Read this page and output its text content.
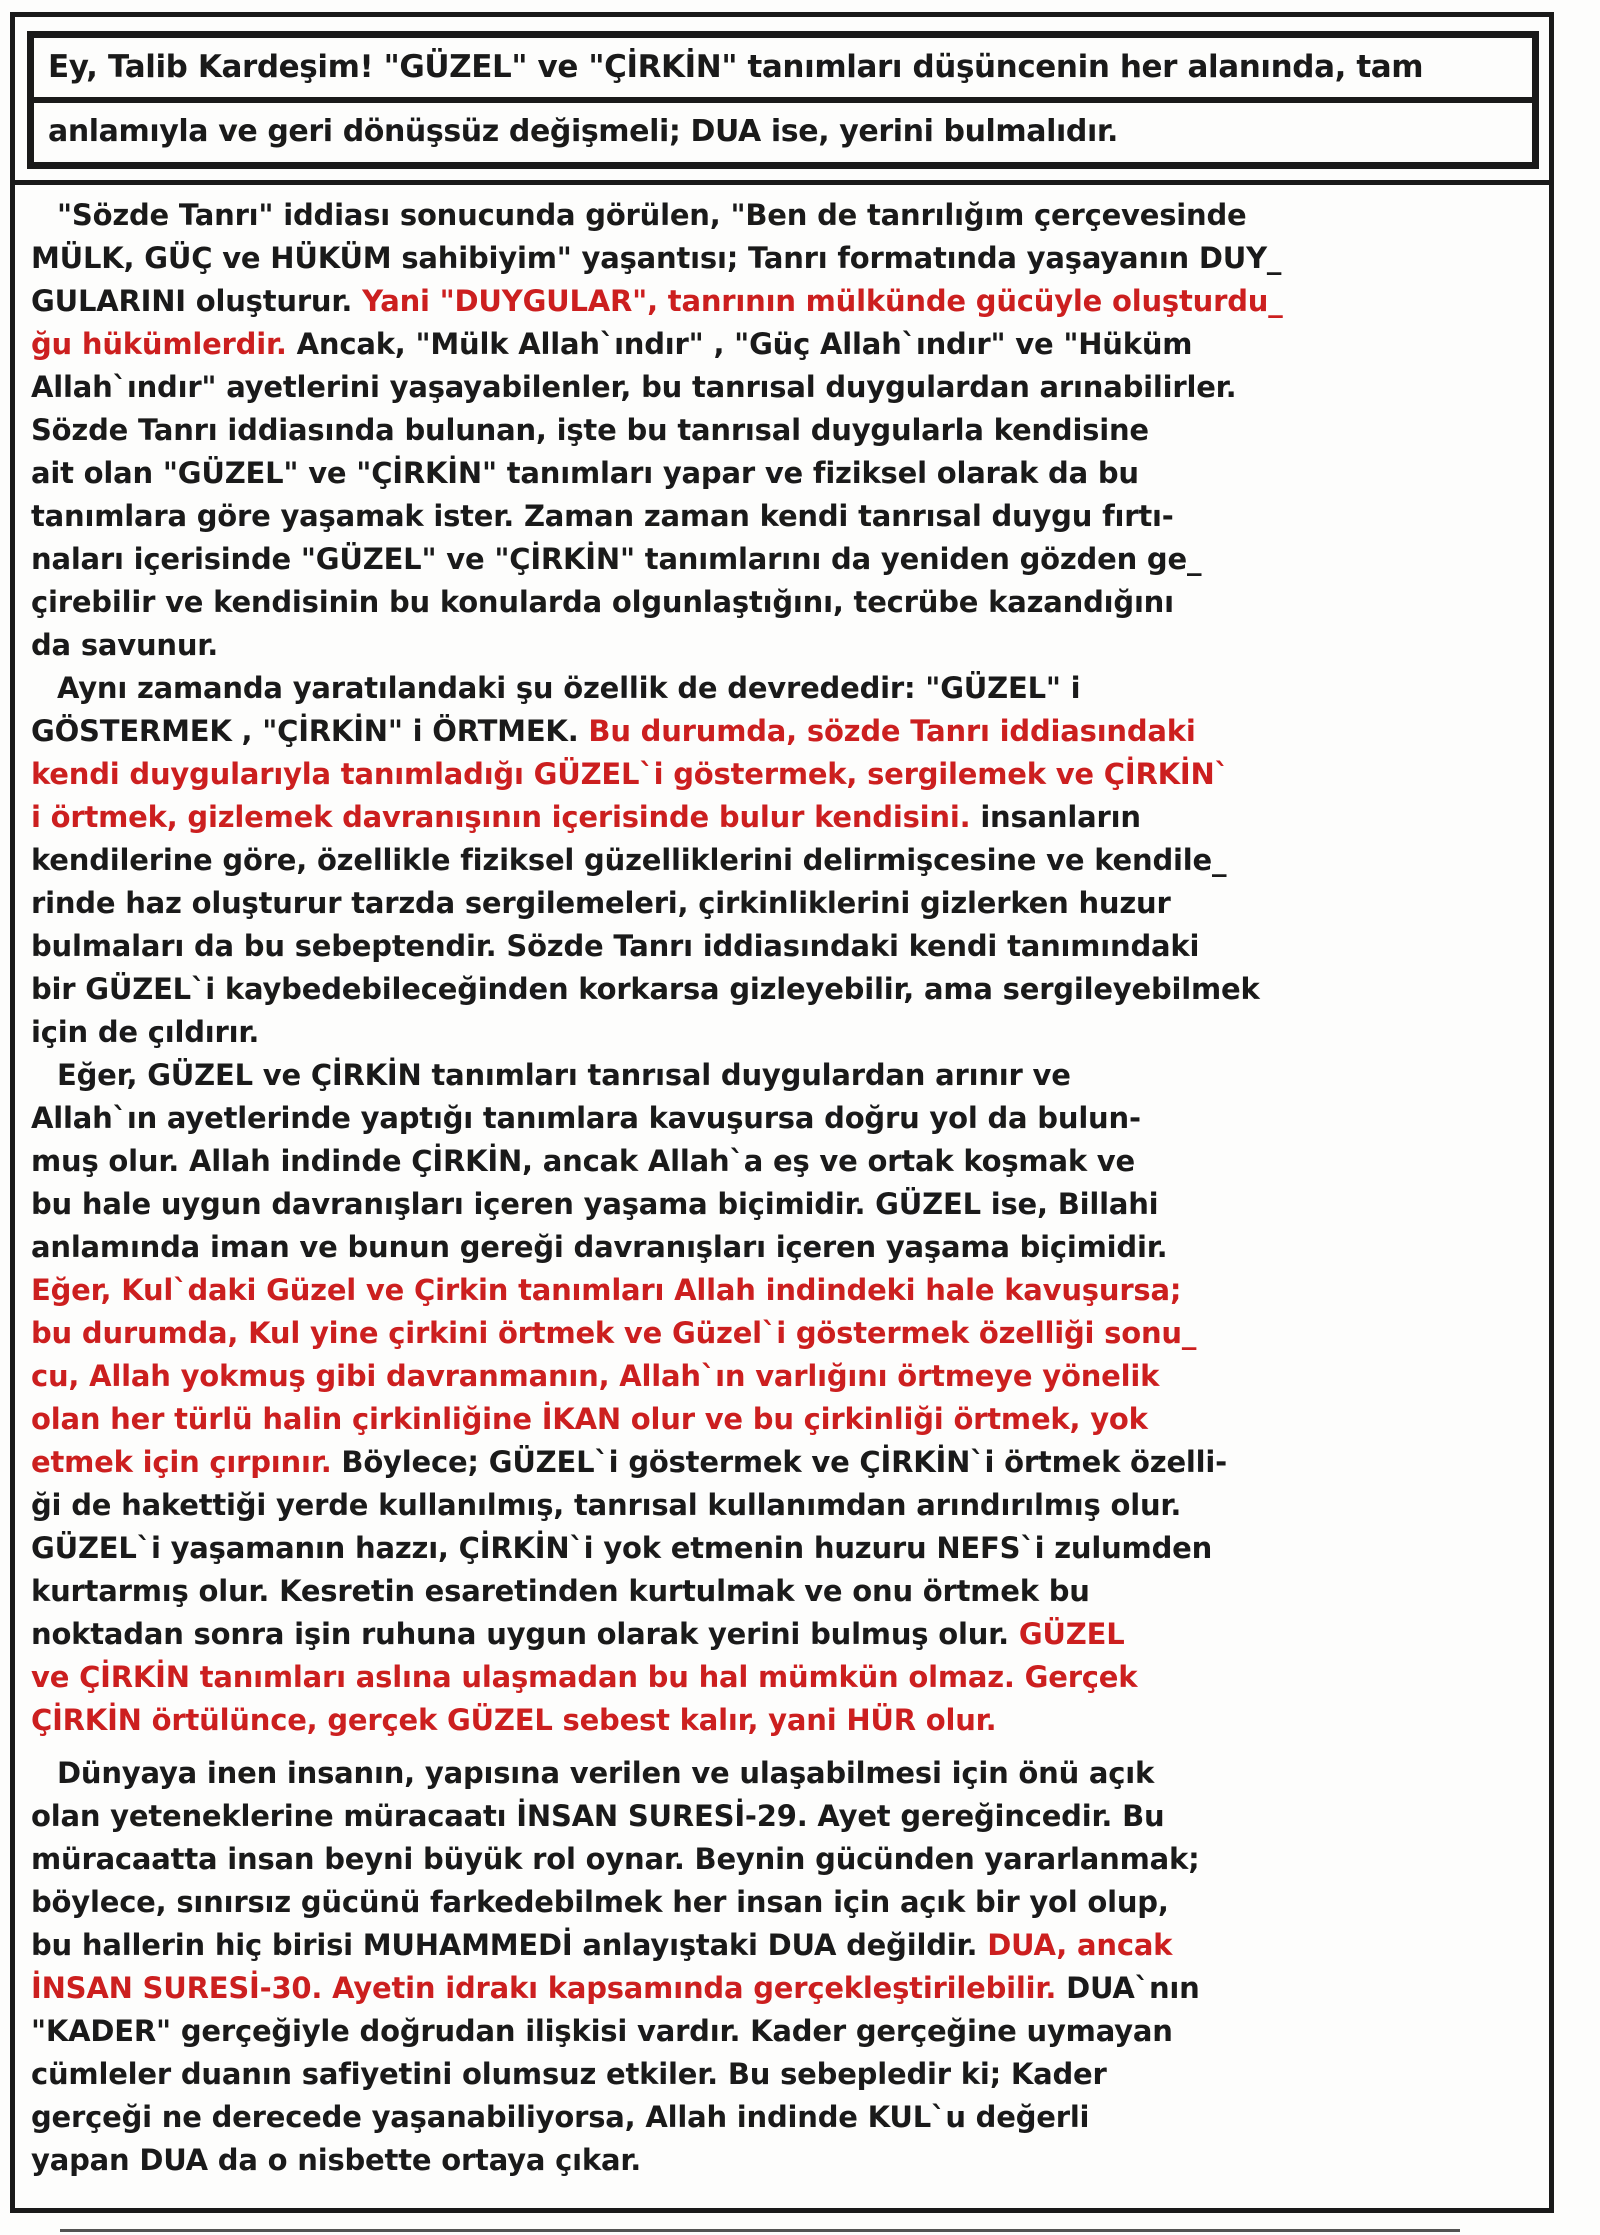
Ey, Talib Kardeşim! "GÜZEL" ve "ÇİRKİN" tanımları düşüncenin her alanında, tam
anlamıyla ve geri dönüşsüz değişmeli; DUA ise, yerini bulmalıdır.
"Sözde Tanrı" iddiası sonucunda görülen, "Ben de tanrılığım çerçevesinde
MÜLK, GÜÇ ve HÜKÜM sahibiyim" yaşantısı; Tanrı formatında yaşayanın DUY_
GULARINI oluşturur. Yani "DUYGULAR", tanrının mülkünde gücüyle oluşturdu_
ğu hükümlerdir. Ancak, "Mülk Allah`ındır" , "Güç Allah`ındır" ve "Hüküm
Allah`ındır" ayetlerini yaşayabilenler, bu tanrısal duygulardan arınabilirler.
Sözde Tanrı iddiasında bulunan, işte bu tanrısal duygularla kendisine
ait olan "GÜZEL" ve "ÇİRKİN" tanımları yapar ve fiziksel olarak da bu
tanımlara göre yaşamak ister. Zaman zaman kendi tanrısal duygu fırtı-
naları içerisinde "GÜZEL" ve "ÇİRKİN" tanımlarını da yeniden gözden ge_
çirebilir ve kendisinin bu konularda olgunlaştığını, tecrübe kazandığını
da savunur.
Aynı zamanda yaratılandaki şu özellik de devrededir: "GÜZEL" i
GÖSTERMEK , "ÇİRKİN" i ÖRTMEK. Bu durumda, sözde Tanrı iddiasındaki
kendi duygularıyla tanımladığı GÜZEL`i göstermek, sergilemek ve ÇİRKİN`
i örtmek, gizlemek davranışının içerisinde bulur kendisini. insanların
kendilerine göre, özellikle fiziksel güzelliklerini delirmişcesine ve kendile_
rinde haz oluşturur tarzda sergilemeleri, çirkinliklerini gizlerken huzur
bulmaları da bu sebeptendir. Sözde Tanrı iddiasındaki kendi tanımındaki
bir GÜZEL`i kaybedebileceğinden korkarsa gizleyebilir, ama sergileyebilmek
için de çıldırır.
Eğer, GÜZEL ve ÇİRKİN tanımları tanrısal duygulardan arınır ve
Allah`ın ayetlerinde yaptığı tanımlara kavuşursa doğru yol da bulun-
muş olur. Allah indinde ÇİRKİN, ancak Allah`a eş ve ortak koşmak ve
bu hale uygun davranışları içeren yaşama biçimidir. GÜZEL ise, Billahi
anlamında iman ve bunun gereği davranışları içeren yaşama biçimidir.
Eğer, Kul`daki Güzel ve Çirkin tanımları Allah indindeki hale kavuşursa;
bu durumda, Kul yine çirkini örtmek ve Güzel`i göstermek özelliği sonu_
cu, Allah yokmuş gibi davranmanın, Allah`ın varlığını örtmeye yönelik
olan her türlü halin çirkinliğine İKAN olur ve bu çirkinliği örtmek, yok
etmek için çırpınır. Böylece; GÜZEL`i göstermek ve ÇİRKİN`i örtmek özelli-
ği de hakettiği yerde kullanılmış, tanrısal kullanımdan arındırılmış olur.
GÜZEL`i yaşamanın hazzı, ÇİRKİN`i yok etmenin huzuru NEFS`i zulumden
kurtarmış olur. Kesretin esaretinden kurtulmak ve onu örtmek bu
noktadan sonra işin ruhuna uygun olarak yerini bulmuş olur. GÜZEL
ve ÇİRKİN tanımları aslına ulaşmadan bu hal mümkün olmaz. Gerçek
ÇİRKİN örtülünce, gerçek GÜZEL sebest kalır, yani HÜR olur.
Dünyaya inen insanın, yapısına verilen ve ulaşabilmesi için önü açık
olan yeteneklerine müracaatı İNSAN SURESİ-29. Ayet gereğincedir. Bu
müracaatta insan beyni büyük rol oynar. Beynin gücünden yararlanmak;
böylece, sınırsız gücünü farkedebilmek her insan için açık bir yol olup,
bu hallerin hiç birisi MUHAMMEDİ anlayıştaki DUA değildir. DUA, ancak
İNSAN SURESİ-30. Ayetin idrakı kapsamında gerçekleştirilebilir. DUA`nın
"KADER" gerçeğiyle doğrudan ilişkisi vardır. Kader gerçeğine uymayan
cümleler duanın safiyetini olumsuz etkiler. Bu sebepledir ki; Kader
gerçeği ne derecede yaşanabiliyorsa, Allah indinde KUL`u değerli
yapan DUA da o nisbette ortaya çıkar.
